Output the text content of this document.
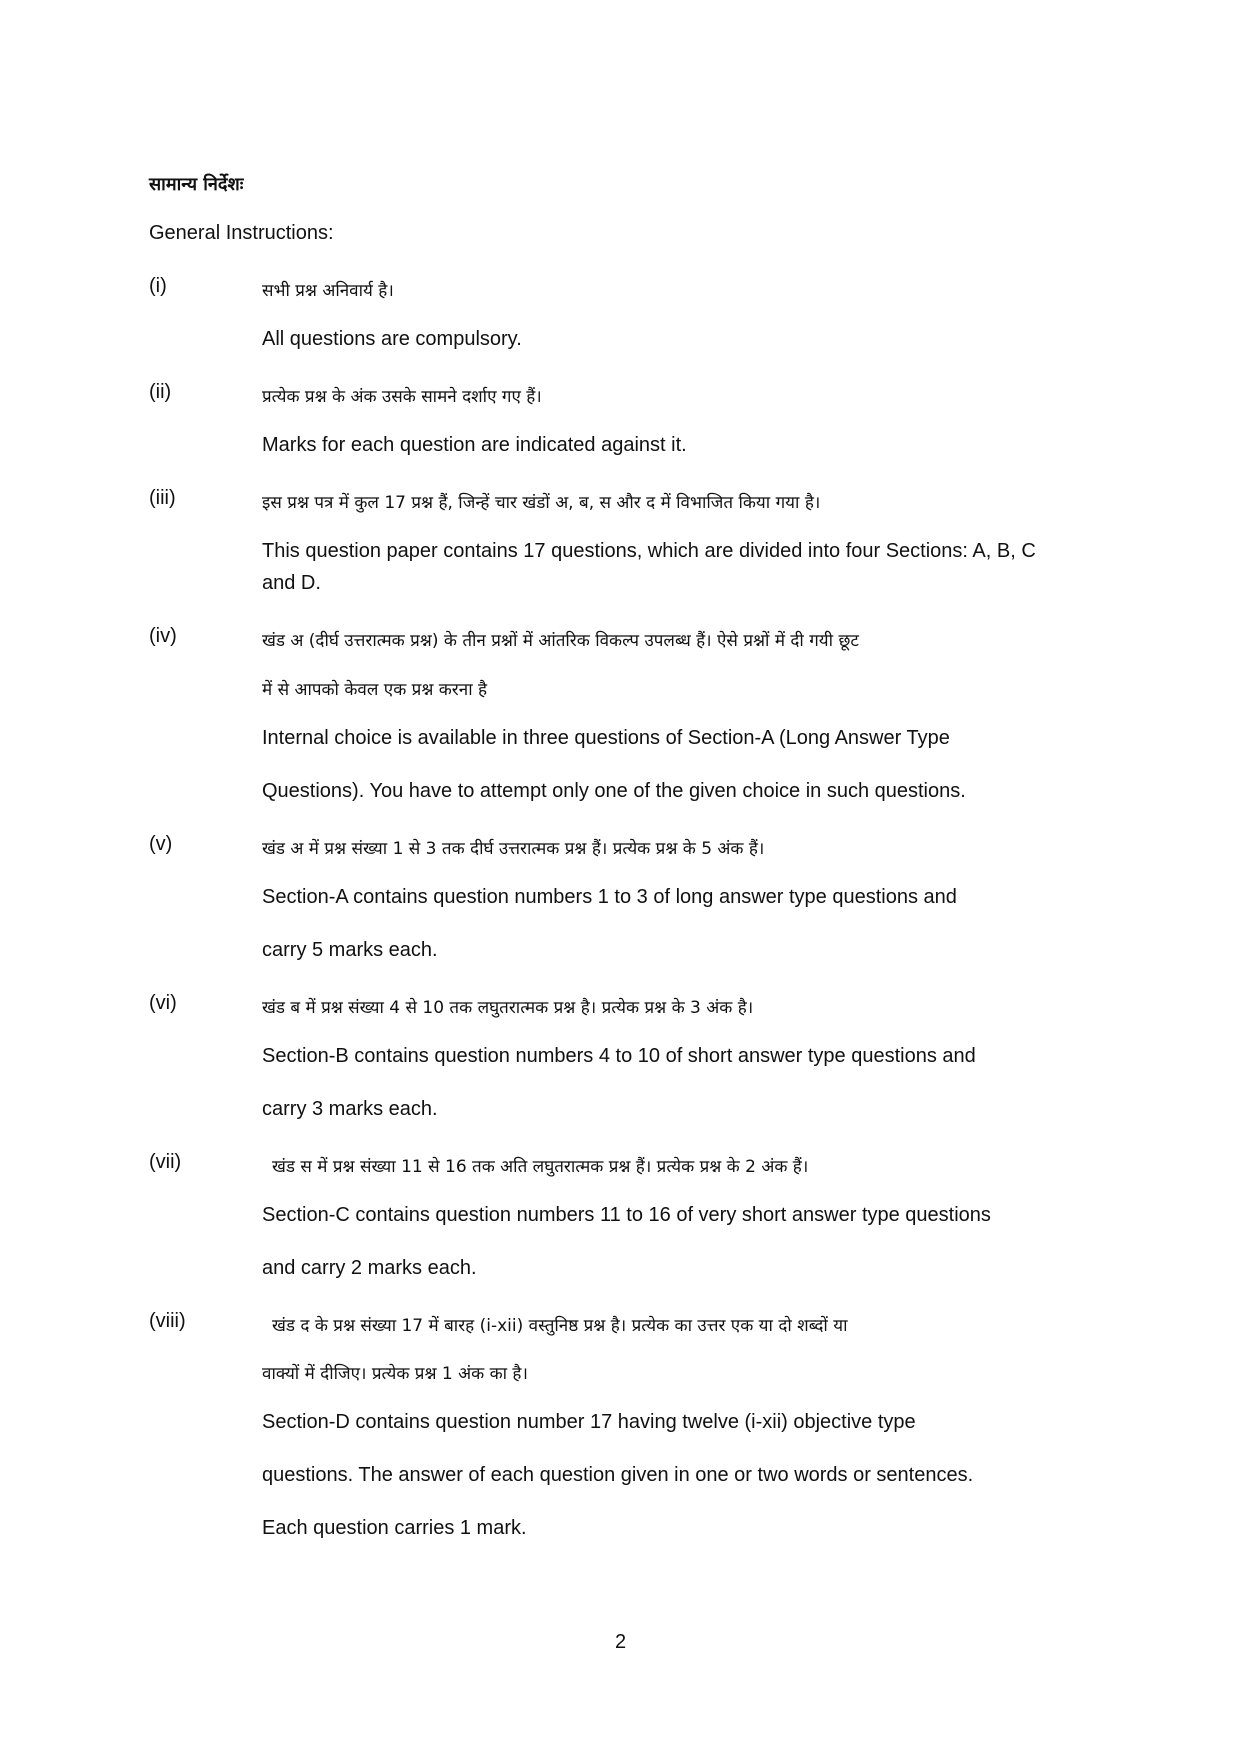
सामान्य निर्देशः
General Instructions:
(i)	सभी प्रश्न अनिवार्य है।
All questions are compulsory.
(ii)	प्रत्येक प्रश्न के अंक उसके सामने दर्शाए गए हैं।
Marks for each question are indicated against it.
(iii)	इस प्रश्न पत्र में कुल 17 प्रश्न हैं, जिन्हें चार खंडों अ, ब, स और द में विभाजित किया गया है।
This question paper contains 17 questions, which are divided into four Sections: A, B, C
and D.
(iv)	खंड अ (दीर्घ उत्तरात्मक प्रश्न) के तीन प्रश्नों में आंतरिक विकल्प उपलब्ध हैं। ऐसे प्रश्नों में दी गयी छूट
में से आपको केवल एक प्रश्न करना है
Internal choice is available in three questions of Section-A (Long Answer Type
Questions). You have to attempt only one of the given choice in such questions.
(v)	खंड अ में प्रश्न संख्या 1 से 3 तक दीर्घ उत्तरात्मक प्रश्न हैं। प्रत्येक प्रश्न के 5 अंक हैं।
Section-A contains question numbers 1 to 3 of long answer type questions and
carry 5 marks each.
(vi)	खंड ब में प्रश्न संख्या 4 से 10 तक लघुतरात्मक प्रश्न है। प्रत्येक प्रश्न के 3 अंक है।
Section-B contains question numbers 4 to 10 of short answer type questions and
carry 3 marks each.
(vii)	खंड स में प्रश्न संख्या 11 से 16 तक अति लघुतरात्मक प्रश्न हैं। प्रत्येक प्रश्न के 2 अंक हैं।
Section-C contains question numbers 11 to 16 of very short answer type questions
and carry 2 marks each.
(viii)	खंड द के प्रश्न संख्या 17 में बारह (i-xii) वस्तुनिष्ठ प्रश्न है। प्रत्येक का उत्तर एक या दो शब्दों या
वाक्यों में दीजिए। प्रत्येक प्रश्न 1 अंक का है।
Section-D contains question number 17 having twelve (i-xii) objective type
questions. The answer of each question given in one or two words or sentences.
Each question carries 1 mark.
2
